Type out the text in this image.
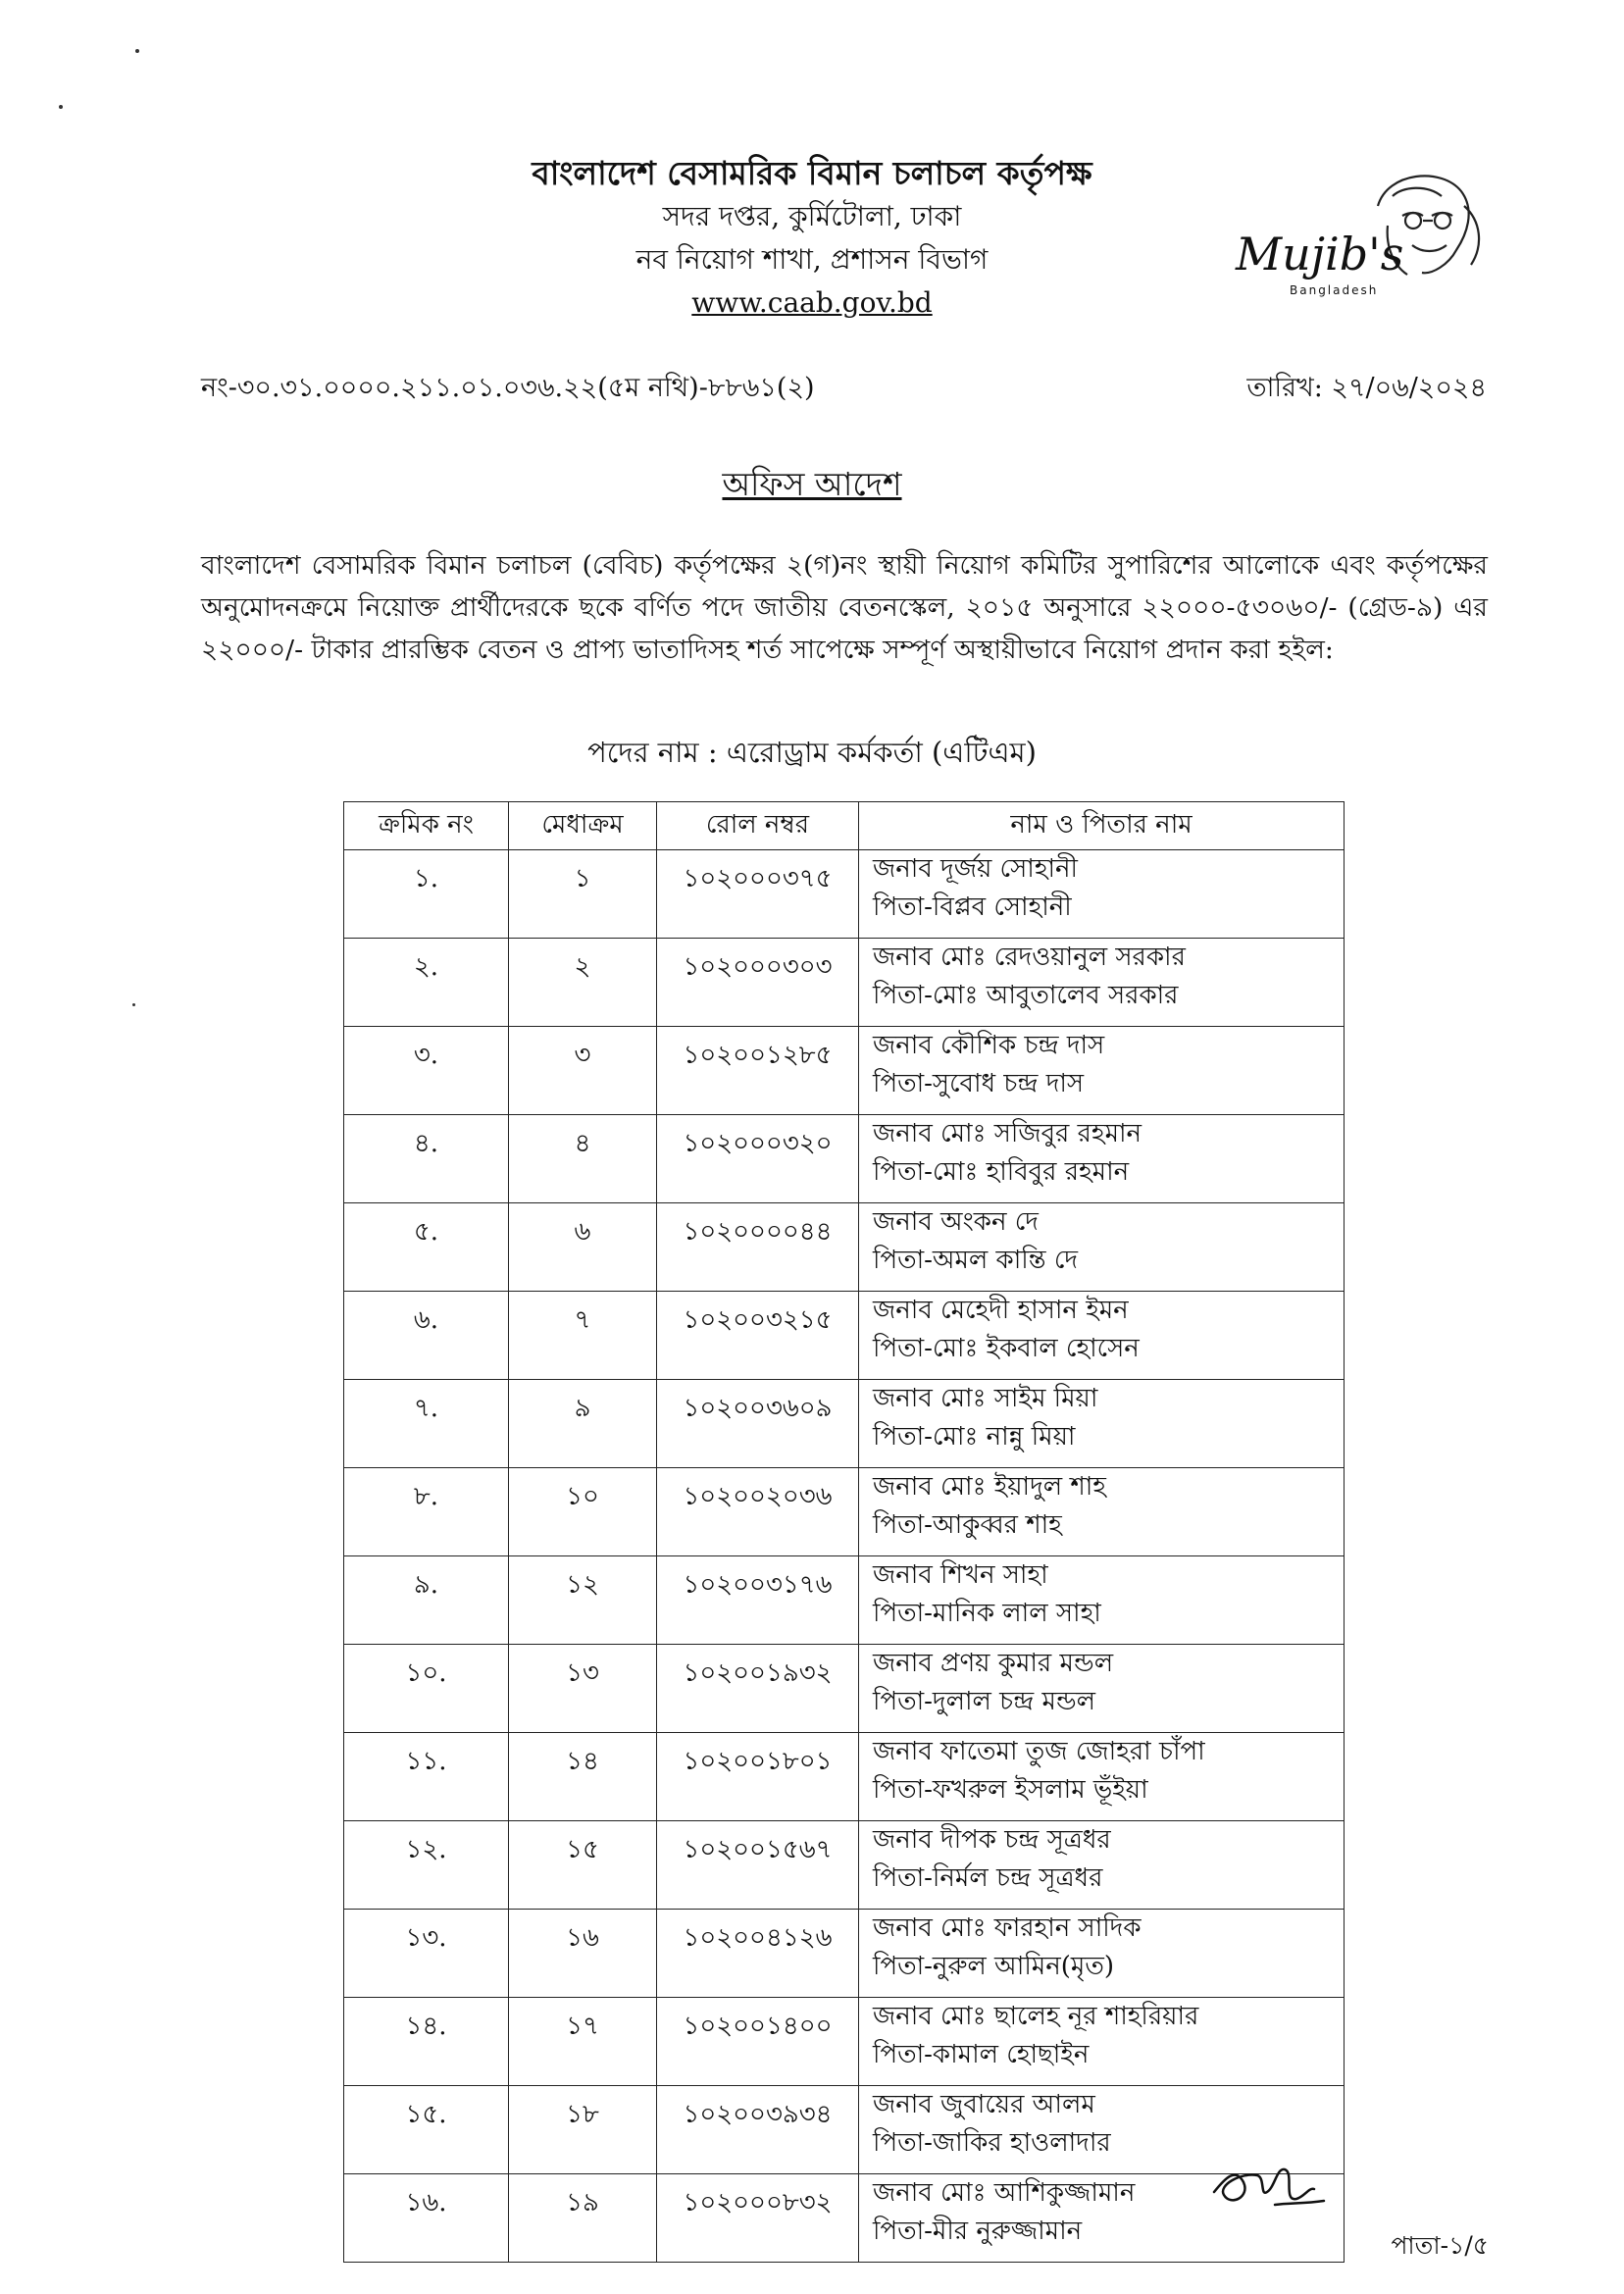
বাংলাদেশ বেসামরিক বিমান চলাচল কর্তৃপক্ষ
সদর দপ্তর, কুর্মিটোলা, ঢাকা
নব নিয়োগ শাখা, প্রশাসন বিভাগ
www.caab.gov.bd
Mujib's
Bangladesh
নং-৩০.৩১.০০০০.২১১.০১.০৩৬.২২(৫ম নথি)-৮৮৬১(২)	তারিখ: ২৭/০৬/২০২৪
অফিস আদেশ
বাংলাদেশ বেসামরিক বিমান চলাচল (বেবিচ) কর্তৃপক্ষের ২(গ)নং স্থায়ী নিয়োগ কমিটির সুপারিশের আলোকে এবং কর্তৃপক্ষের অনুমোদনক্রমে নিয়োক্ত প্রার্থীদেরকে ছকে বর্ণিত পদে জাতীয় বেতনস্কেল, ২০১৫ অনুসারে ২২০০০-৫৩০৬০/- (গ্রেড-৯) এর ২২০০০/- টাকার প্রারম্ভিক বেতন ও প্রাপ্য ভাতাদিসহ শর্ত সাপেক্ষে সম্পূর্ণ অস্থায়ীভাবে নিয়োগ প্রদান করা হইল:
পদের নাম : এরোড্রাম কর্মকর্তা (এটিএম)
ক্রমিক নং	মেধাক্রম	রোল নম্বর	নাম ও পিতার নাম
১.	১	১০২০০০৩৭৫	জনাব দূর্জয় সোহানী
পিতা-বিপ্লব সোহানী

২.	২	১০২০০০৩০৩	জনাব মোঃ রেদওয়ানুল সরকার
পিতা-মোঃ আবুতালেব সরকার

৩.	৩	১০২০০১২৮৫	জনাব কৌশিক চন্দ্র দাস
পিতা-সুবোধ চন্দ্র দাস

৪.	৪	১০২০০০৩২০	জনাব মোঃ সজিবুর রহমান
পিতা-মোঃ হাবিবুর রহমান

৫.	৬	১০২০০০০৪৪	জনাব অংকন দে
পিতা-অমল কান্তি দে

৬.	৭	১০২০০৩২১৫	জনাব মেহেদী হাসান ইমন
পিতা-মোঃ ইকবাল হোসেন

৭.	৯	১০২০০৩৬০৯	জনাব মোঃ সাইম মিয়া
পিতা-মোঃ নান্নু মিয়া

৮.	১০	১০২০০২০৩৬	জনাব মোঃ ইয়াদুল শাহ
পিতা-আকুব্বর শাহ

৯.	১২	১০২০০৩১৭৬	জনাব শিখন সাহা
পিতা-মানিক লাল সাহা

১০.	১৩	১০২০০১৯৩২	জনাব প্রণয় কুমার মন্ডল
পিতা-দুলাল চন্দ্র মন্ডল

১১.	১৪	১০২০০১৮০১	জনাব ফাতেমা তুজ জোহরা চাঁপা
পিতা-ফখরুল ইসলাম ভূঁইয়া

১২.	১৫	১০২০০১৫৬৭	জনাব দীপক চন্দ্র সূত্রধর
পিতা-নির্মল চন্দ্র সূত্রধর

১৩.	১৬	১০২০০৪১২৬	জনাব মোঃ ফারহান সাদিক
পিতা-নুরুল আমিন(মৃত)

১৪.	১৭	১০২০০১৪০০	জনাব মোঃ ছালেহ নূর শাহরিয়ার
পিতা-কামাল হোছাইন

১৫.	১৮	১০২০০৩৯৩৪	জনাব জুবায়ের আলম
পিতা-জাকির হাওলাদার

১৬.	১৯	১০২০০০৮৩২	জনাব মোঃ আশিকুজ্জামান
পিতা-মীর নুরুজ্জামান	পাতা-১/৫
